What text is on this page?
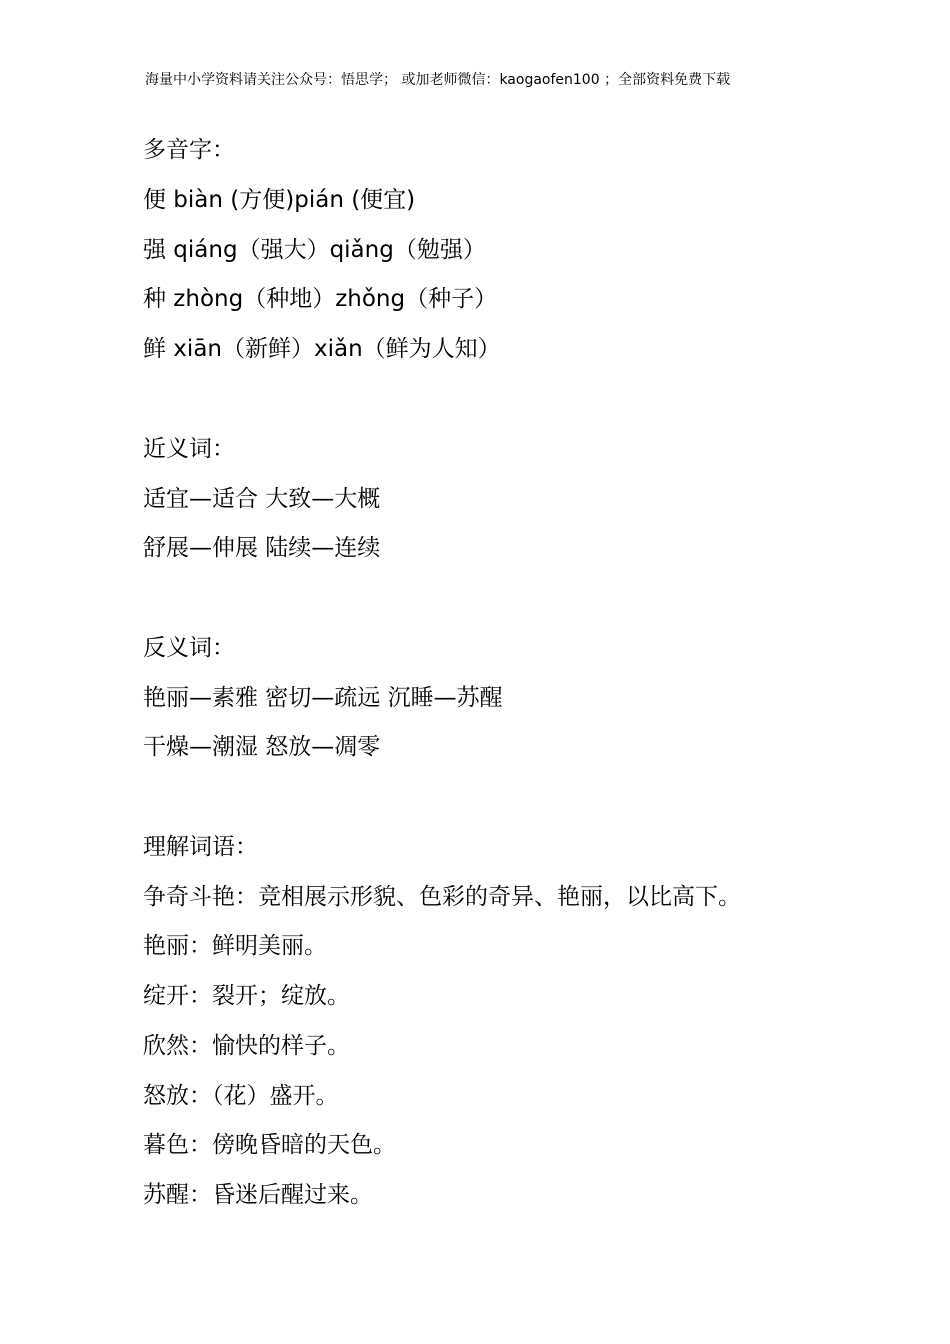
海量中小学资料请关注公众号：悟思学； 或加老师微信：kaogaofen100 ；全部资料免费下载
多音字：
便 biàn (方便)pián (便宜)
强 qiáng（强大）qiǎng（勉强）
种 zhòng（种地）zhǒng（种子）
鲜 xiān（新鲜）xiǎn（鲜为人知）
近义词：
适宜—适合 大致—大概
舒展—伸展 陆续—连续
反义词：
艳丽—素雅 密切—疏远 沉睡—苏醒
干燥—潮湿 怒放—凋零
理解词语：
争奇斗艳：竞相展示形貌、色彩的奇异、艳丽，以比高下。
艳丽：鲜明美丽。
绽开：裂开；绽放。
欣然：愉快的样子。
怒放：（花）盛开。
暮色：傍晚昏暗的天色。
苏醒：昏迷后醒过来。
